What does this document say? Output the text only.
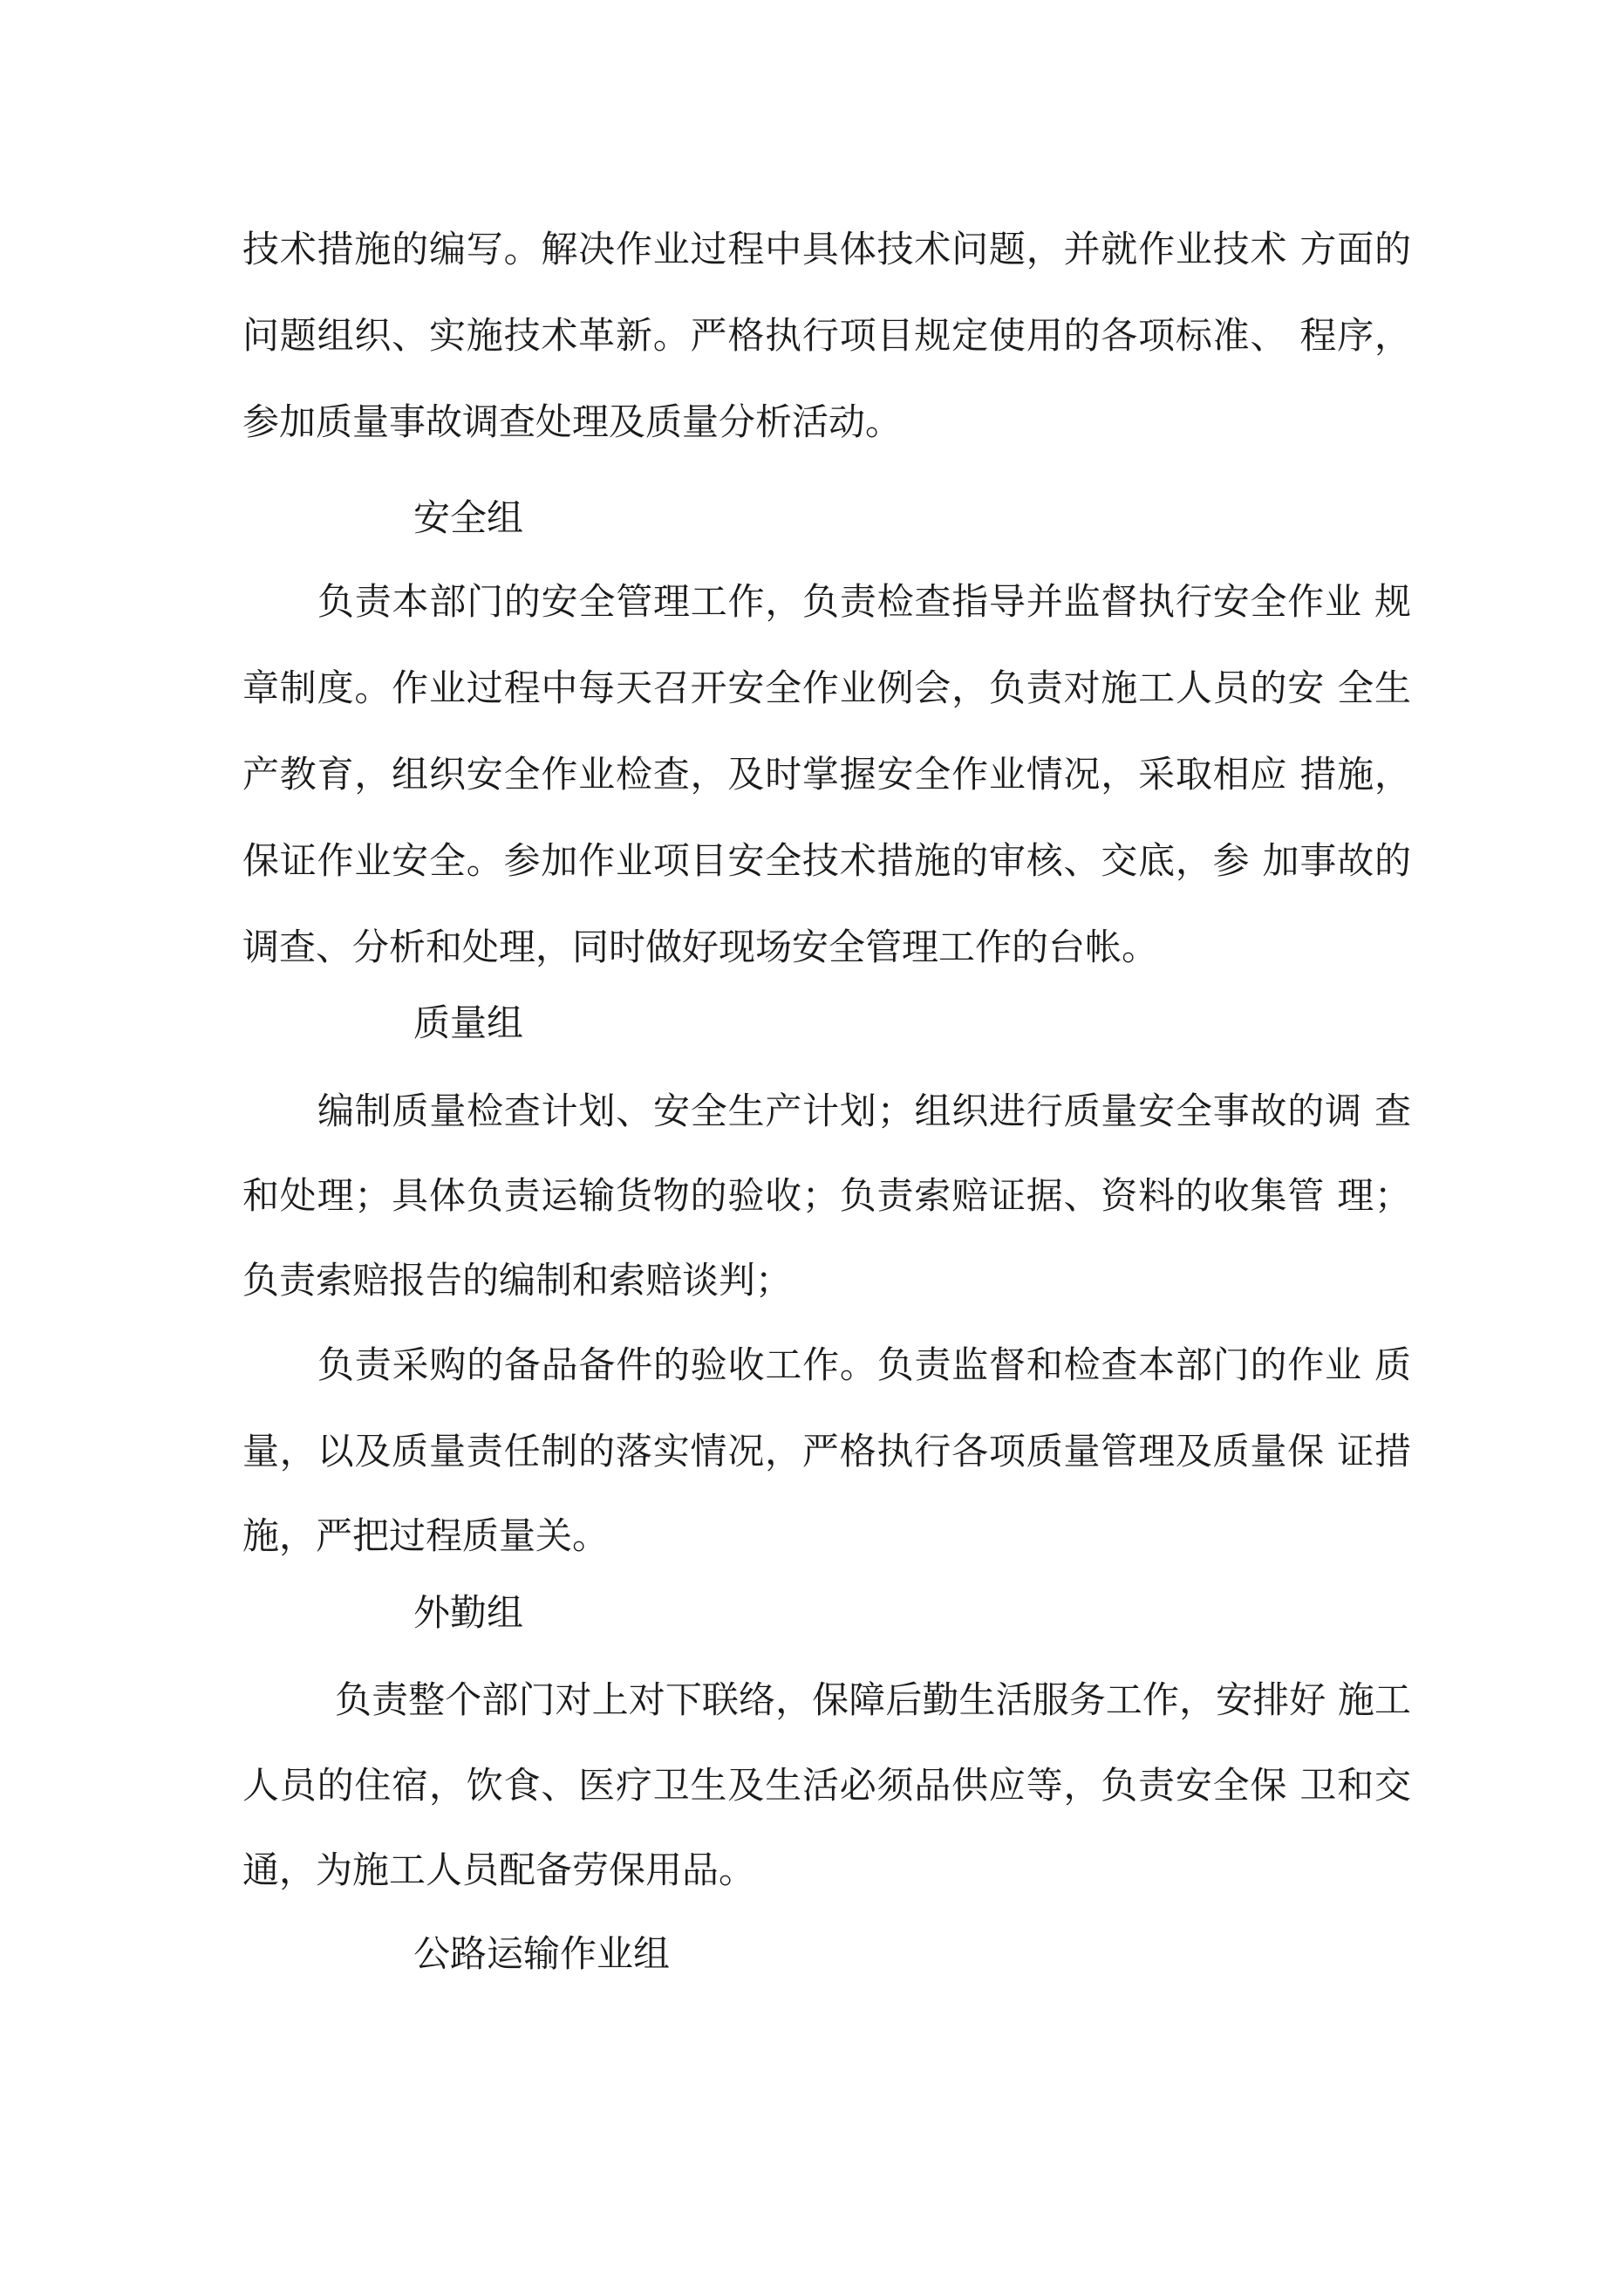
技术措施的编写。解决作业过程中具体技术问题，并就作业技术 方面的
问题组织、实施技术革新。严格执行项目规定使用的各项标准、 程序，
参加质量事故调查处理及质量分析活动。
安全组
负责本部门的安全管理工作，负责检查指导并监督执行安全作业 规
章制度。作业过程中每天召开安全作业例会，负责对施工人员的安 全生
产教育，组织安全作业检查，及时掌握安全作业情况，采取相应 措施，
保证作业安全。参加作业项目安全技术措施的审核、交底，参 加事故的
调查、分析和处理，同时做好现场安全管理工作的台帐。
质量组
编制质量检查计划、安全生产计划；组织进行质量安全事故的调 查
和处理；具体负责运输货物的验收；负责索赔证据、资料的收集管 理；
负责索赔报告的编制和索赔谈判；
负责采购的备品备件的验收工作。负责监督和检查本部门的作业 质
量，以及质量责任制的落实情况，严格执行各项质量管理及质量保 证措
施，严把过程质量关。
外勤组
负责整个部门对上对下联络，保障后勤生活服务工作，安排好 施工
人员的住宿，饮食、医疗卫生及生活必须品供应等，负责安全保 卫和交
通，为施工人员配备劳保用品。
公路运输作业组
